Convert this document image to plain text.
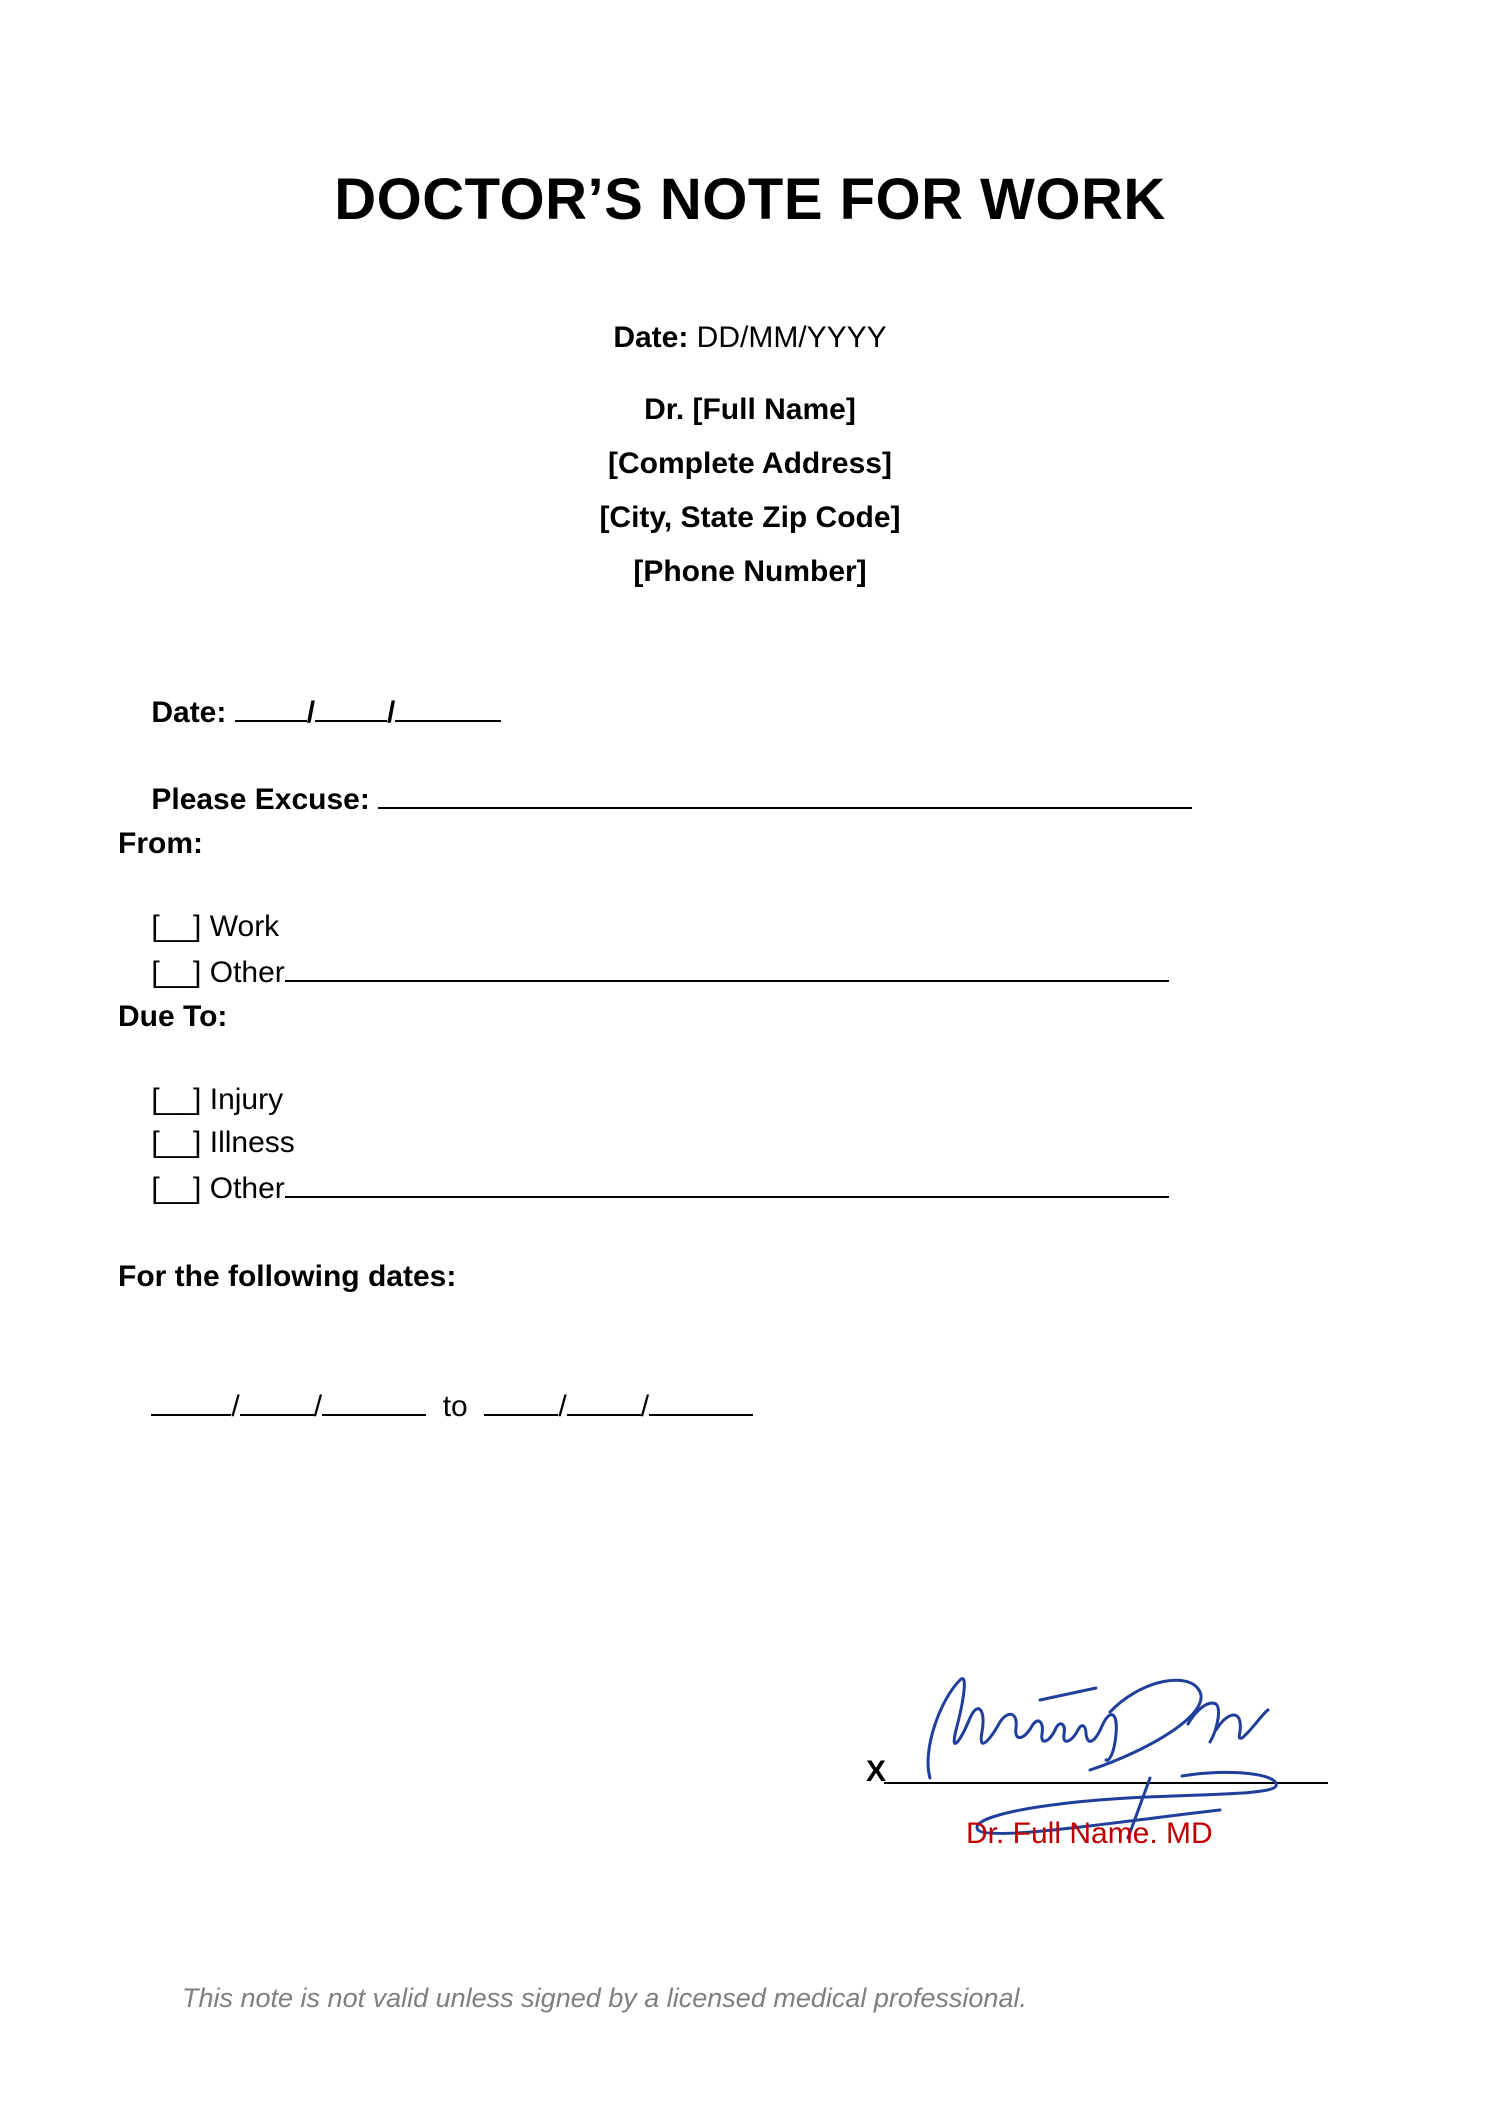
DOCTOR’S NOTE FOR WORK
Date: DD/MM/YYYY
Dr. [Full Name]
[Complete Address]
[City, State Zip Code]
[Phone Number]

Date: / /

Please Excuse:

From:

[__] Work

[__] Other

Due To:

[__] Injury

[__] Illness

[__] Other

For the following dates:

/ /	to	/ /

X
Dr. Full Name. MD
This note is not valid unless signed by a licensed medical professional.
